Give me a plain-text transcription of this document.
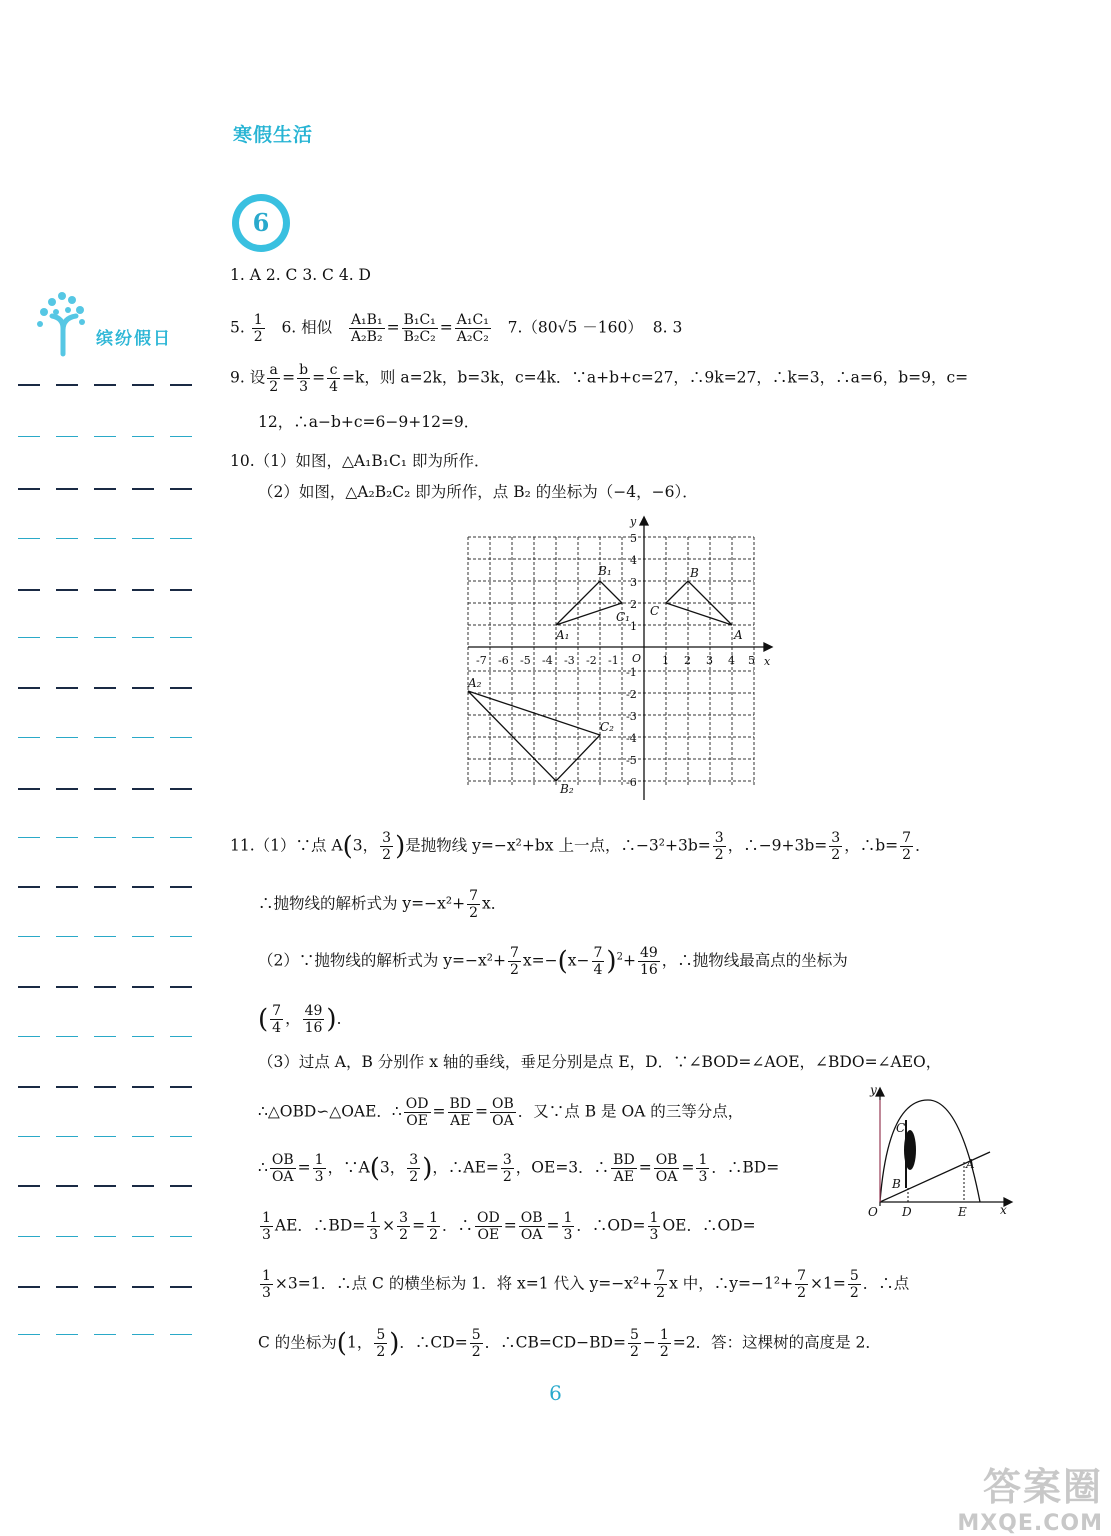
寒假生活
6
缤纷假日
1. A 2. C 3. C 4. D
5. $\frac{1}{2} 6$. 相似 $\frac{\text{A₁B₁}}{\text{A₂B₂}} = \frac{\text{B₁C₁}}{\text{B₂C₂}} = \frac{\text{A₁C₁}}{\text{A₂C₂}} 7.(80√5 -160)$ 8. 3
9. 设 $\frac{a}{2} = \frac{b}{3} = \frac{c}{4} =k$，则 a=2k，b=3k，c=4k．∵a+b+c=27，∴9k=27，∴k=3，∴a=6，b=9，c=
12，∴a−b+c=6−9+12=9．
10.（1）如图，△A₁B₁C₁ 即为所作．
（2）如图，△A₂B₂C₂ 即为所作，点 B₂ 的坐标为（−4，−6）．
-7 -6 -5 -4 -3 -2 -1	1 2 3 4 5
O	x
y
5
4
3
2
1
-1
-2
-3
-4
-5
-6
A
B
C
A₁
B₁
C₁
A₂
B₂
C₂
11.（1）∵点 A(3， $\frac{3}{2}$ )是抛物线 y=−x²+bx 上一点，∴−3²+3b= $\frac{3}{2}$ ，∴−9+3b= $\frac{3}{2}$ ，∴b= $\frac{7}{2}$ ．
∴抛物线的解析式为 $y=-x^2+ \frac{7}{2}$ x．
（2）∵抛物线的解析式为 $y=-x^2+ \frac{7}{2} x=-(x- \frac{7}{4} )^2+ \frac{49}{16}$ ，∴抛物线最高点的坐标为
( $\frac{7}{4}$ ， $\frac{49}{16}$ )．
（3）过点 A，B 分别作 x 轴的垂线，垂足分别是点 E，D．∵∠BOD=∠AOE，∠BDO=∠AEO，
∴△OBD∽△OAE．∴ $\frac{OD}{OE} = \frac{BD}{AE} = \frac{OB}{OA}$ ．又∵点 B 是 OA 的三等分点，
∴ $\frac{OB}{OA} = \frac{1}{3}$ ，∵A(3， $\frac{3}{2}$ )，∴AE= $\frac{3}{2}$ ，OE=3．∴ $\frac{BD}{AE} = \frac{OB}{OA} = \frac{1}{3}$ ．∴BD=
$\frac{1}{3}$ AE．∴BD= $\frac{1}{3} \times \frac{3}{2} = \frac{1}{2}$ ．∴ $\frac{OD}{OE} = \frac{OB}{OA} = \frac{1}{3}$ ．∴OD= $\frac{1}{3}$ OE．∴OD=
$\frac{1}{3} \times 3=1$．∴点 C 的横坐标为 1．将 x=1 代入 $y=-x^2+ \frac{7}{2}$ x 中，∴y=−1²+ $\frac{7}{2} \times 1= \frac{5}{2}$ ．∴点
C 的坐标为(1， $\frac{5}{2}$ )．∴CD= $\frac{5}{2}$ ．∴CB=CD−BD= $\frac{5}{2} - \frac{1}{2} =2$．答：这棵树的高度是 2．
y
x
O
C
B
A
D	E
6
答案圈
MXQE.COM
